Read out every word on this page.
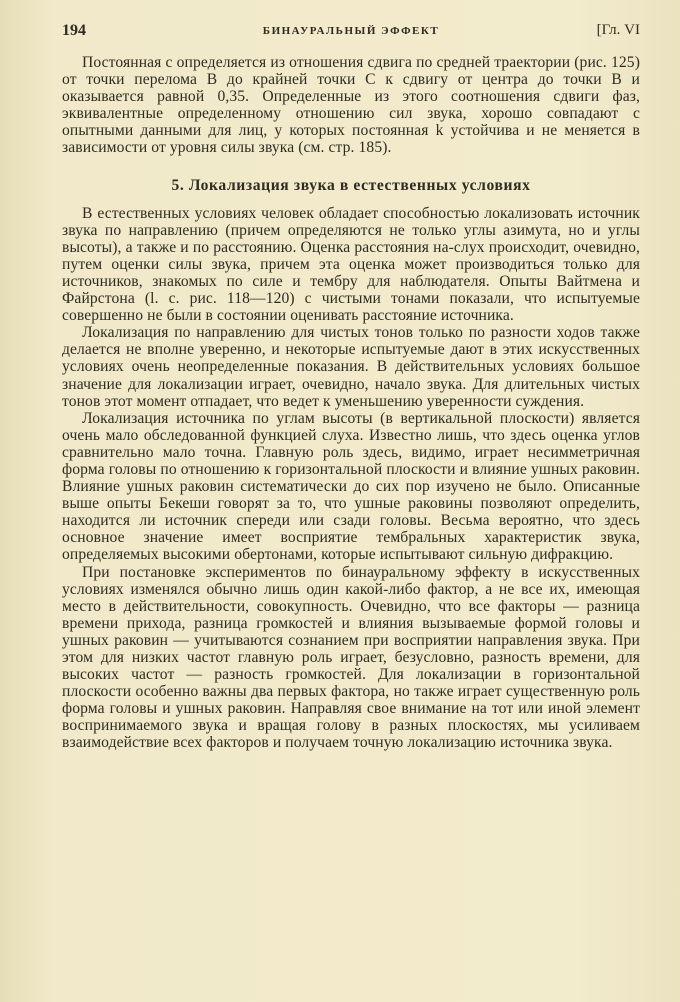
194	БИНАУРАЛЬНЫЙ ЭФФЕКТ	[Гл. VI

Постоянная c определяется из отношения сдвига по средней траектории (рис. 125) от точки перелома B до крайней точки C к сдвигу от центра до точки B и оказывается равной 0,35. Определенные из этого соотношения сдвиги фаз, эквивалентные определенному отношению сил звука, хорошо совпадают с опытными данными для лиц, у которых постоянная k устойчива и не меняется в зависимости от уровня силы звука (см. стр. 185).

5. Локализация звука в естественных условиях

В естественных условиях человек обладает способностью локализовать источник звука по направлению (причем определяются не только углы азимута, но и углы высоты), а также и по расстоянию. Оценка расстояния на-слух происходит, очевидно, путем оценки силы звука, причем эта оценка может производиться только для источников, знакомых по силе и тембру для наблюдателя. Опыты Вайтмена и Файрстона (l. c. рис. 118—120) с чистыми тонами показали, что испытуемые совершенно не были в состоянии оценивать расстояние источника.

Локализация по направлению для чистых тонов только по разности ходов также делается не вполне уверенно, и некоторые испытуемые дают в этих искусственных условиях очень неопределенные показания. В действительных условиях большое значение для локализации играет, очевидно, начало звука. Для длительных чистых тонов этот момент отпадает, что ведет к уменьшению уверенности суждения.

Локализация источника по углам высоты (в вертикальной плоскости) является очень мало обследованной функцией слуха. Известно лишь, что здесь оценка углов сравнительно мало точна. Главную роль здесь, видимо, играет несимметричная форма головы по отношению к горизонтальной плоскости и влияние ушных раковин. Влияние ушных раковин систематически до сих пор изучено не было. Описанные выше опыты Бекеши говорят за то, что ушные раковины позволяют определить, находится ли источник спереди или сзади головы. Весьма вероятно, что здесь основное значение имеет восприятие тембральных характеристик звука, определяемых высокими обертонами, которые испытывают сильную дифракцию.

При постановке экспериментов по бинауральному эффекту в искусственных условиях изменялся обычно лишь один какой-либо фактор, а не все их, имеющая место в действительности, совокупность. Очевидно, что все факторы — разница времени прихода, разница громкостей и влияния вызываемые формой головы и ушных раковин — учитываются сознанием при восприятии направления звука. При этом для низких частот главную роль играет, безусловно, разность времени, для высоких частот — разность громкостей. Для локализации в горизонтальной плоскости особенно важны два первых фактора, но также играет существенную роль форма головы и ушных раковин. Направляя свое внимание на тот или иной элемент воспринимаемого звука и вращая голову в разных плоскостях, мы усиливаем взаимодействие всех факторов и получаем точную локализацию источника звука.
